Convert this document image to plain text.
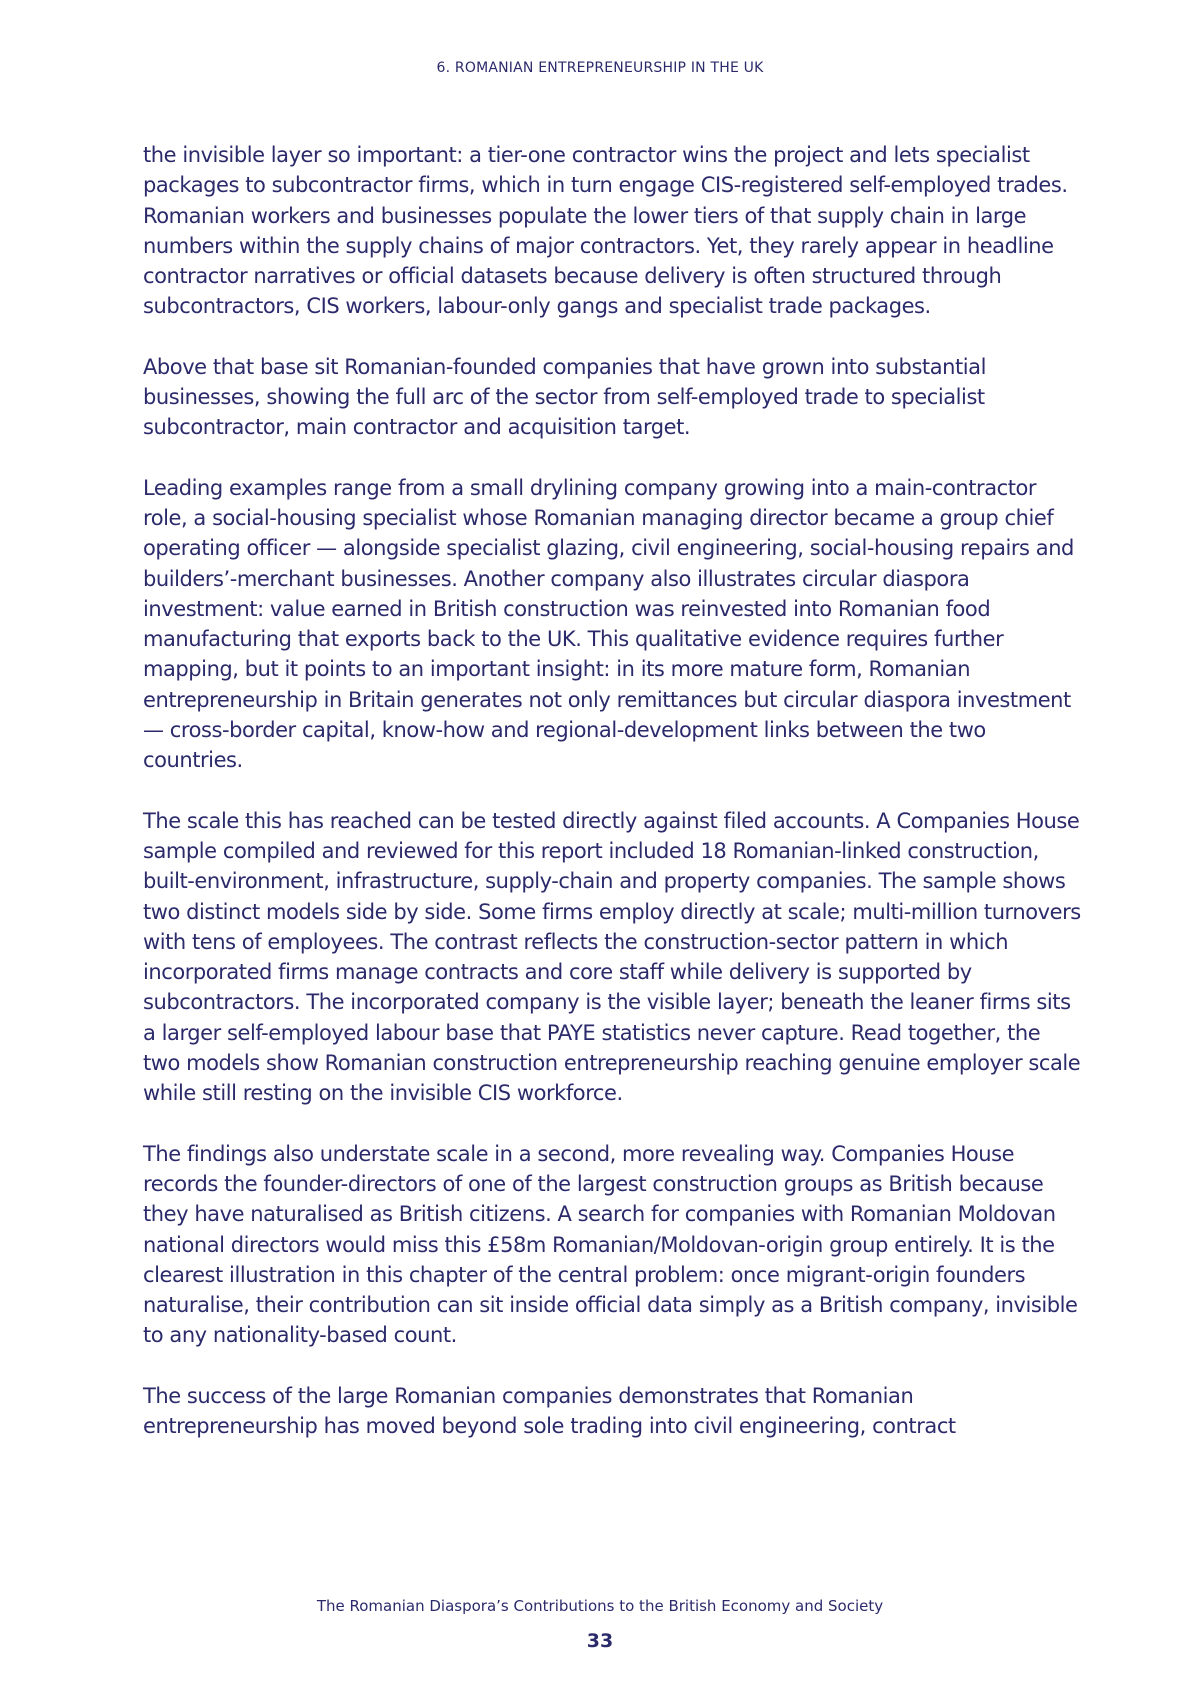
6. ROMANIAN ENTREPRENEURSHIP IN THE UK

the invisible layer so important: a tier-one contractor wins the project and lets specialist packages to subcontractor firms, which in turn engage CIS-registered self-employed trades. Romanian workers and businesses populate the lower tiers of that supply chain in large numbers within the supply chains of major contractors. Yet, they rarely appear in headline contractor narratives or official datasets because delivery is often structured through subcontractors, CIS workers, labour-only gangs and specialist trade packages.

Above that base sit Romanian-founded companies that have grown into substantial businesses, showing the full arc of the sector from self-employed trade to specialist subcontractor, main contractor and acquisition target.

Leading examples range from a small drylining company growing into a main-contractor role, a social-housing specialist whose Romanian managing director became a group chief operating officer — alongside specialist glazing, civil engineering, social-housing repairs and builders’-merchant businesses. Another company also illustrates circular diaspora investment: value earned in British construction was reinvested into Romanian food manufacturing that exports back to the UK. This qualitative evidence requires further mapping, but it points to an important insight: in its more mature form, Romanian entrepreneurship in Britain generates not only remittances but circular diaspora investment — cross-border capital, know-how and regional-development links between the two countries.

The scale this has reached can be tested directly against filed accounts. A Companies House sample compiled and reviewed for this report included 18 Romanian-linked construction, built-environment, infrastructure, supply-chain and property companies. The sample shows two distinct models side by side. Some firms employ directly at scale; multi-million turnovers with tens of employees. The contrast reflects the construction-sector pattern in which incorporated firms manage contracts and core staff while delivery is supported by subcontractors. The incorporated company is the visible layer; beneath the leaner firms sits a larger self-employed labour base that PAYE statistics never capture. Read together, the two models show Romanian construction entrepreneurship reaching genuine employer scale while still resting on the invisible CIS workforce.

The findings also understate scale in a second, more revealing way. Companies House records the founder-directors of one of the largest construction groups as British because they have naturalised as British citizens. A search for companies with Romanian Moldovan national directors would miss this £58m Romanian/Moldovan-origin group entirely. It is the clearest illustration in this chapter of the central problem: once migrant-origin founders naturalise, their contribution can sit inside official data simply as a British company, invisible to any nationality-based count.

The success of the large Romanian companies demonstrates that Romanian entrepreneurship has moved beyond sole trading into civil engineering, contract

The Romanian Diaspora’s Contributions to the British Economy and Society
33
